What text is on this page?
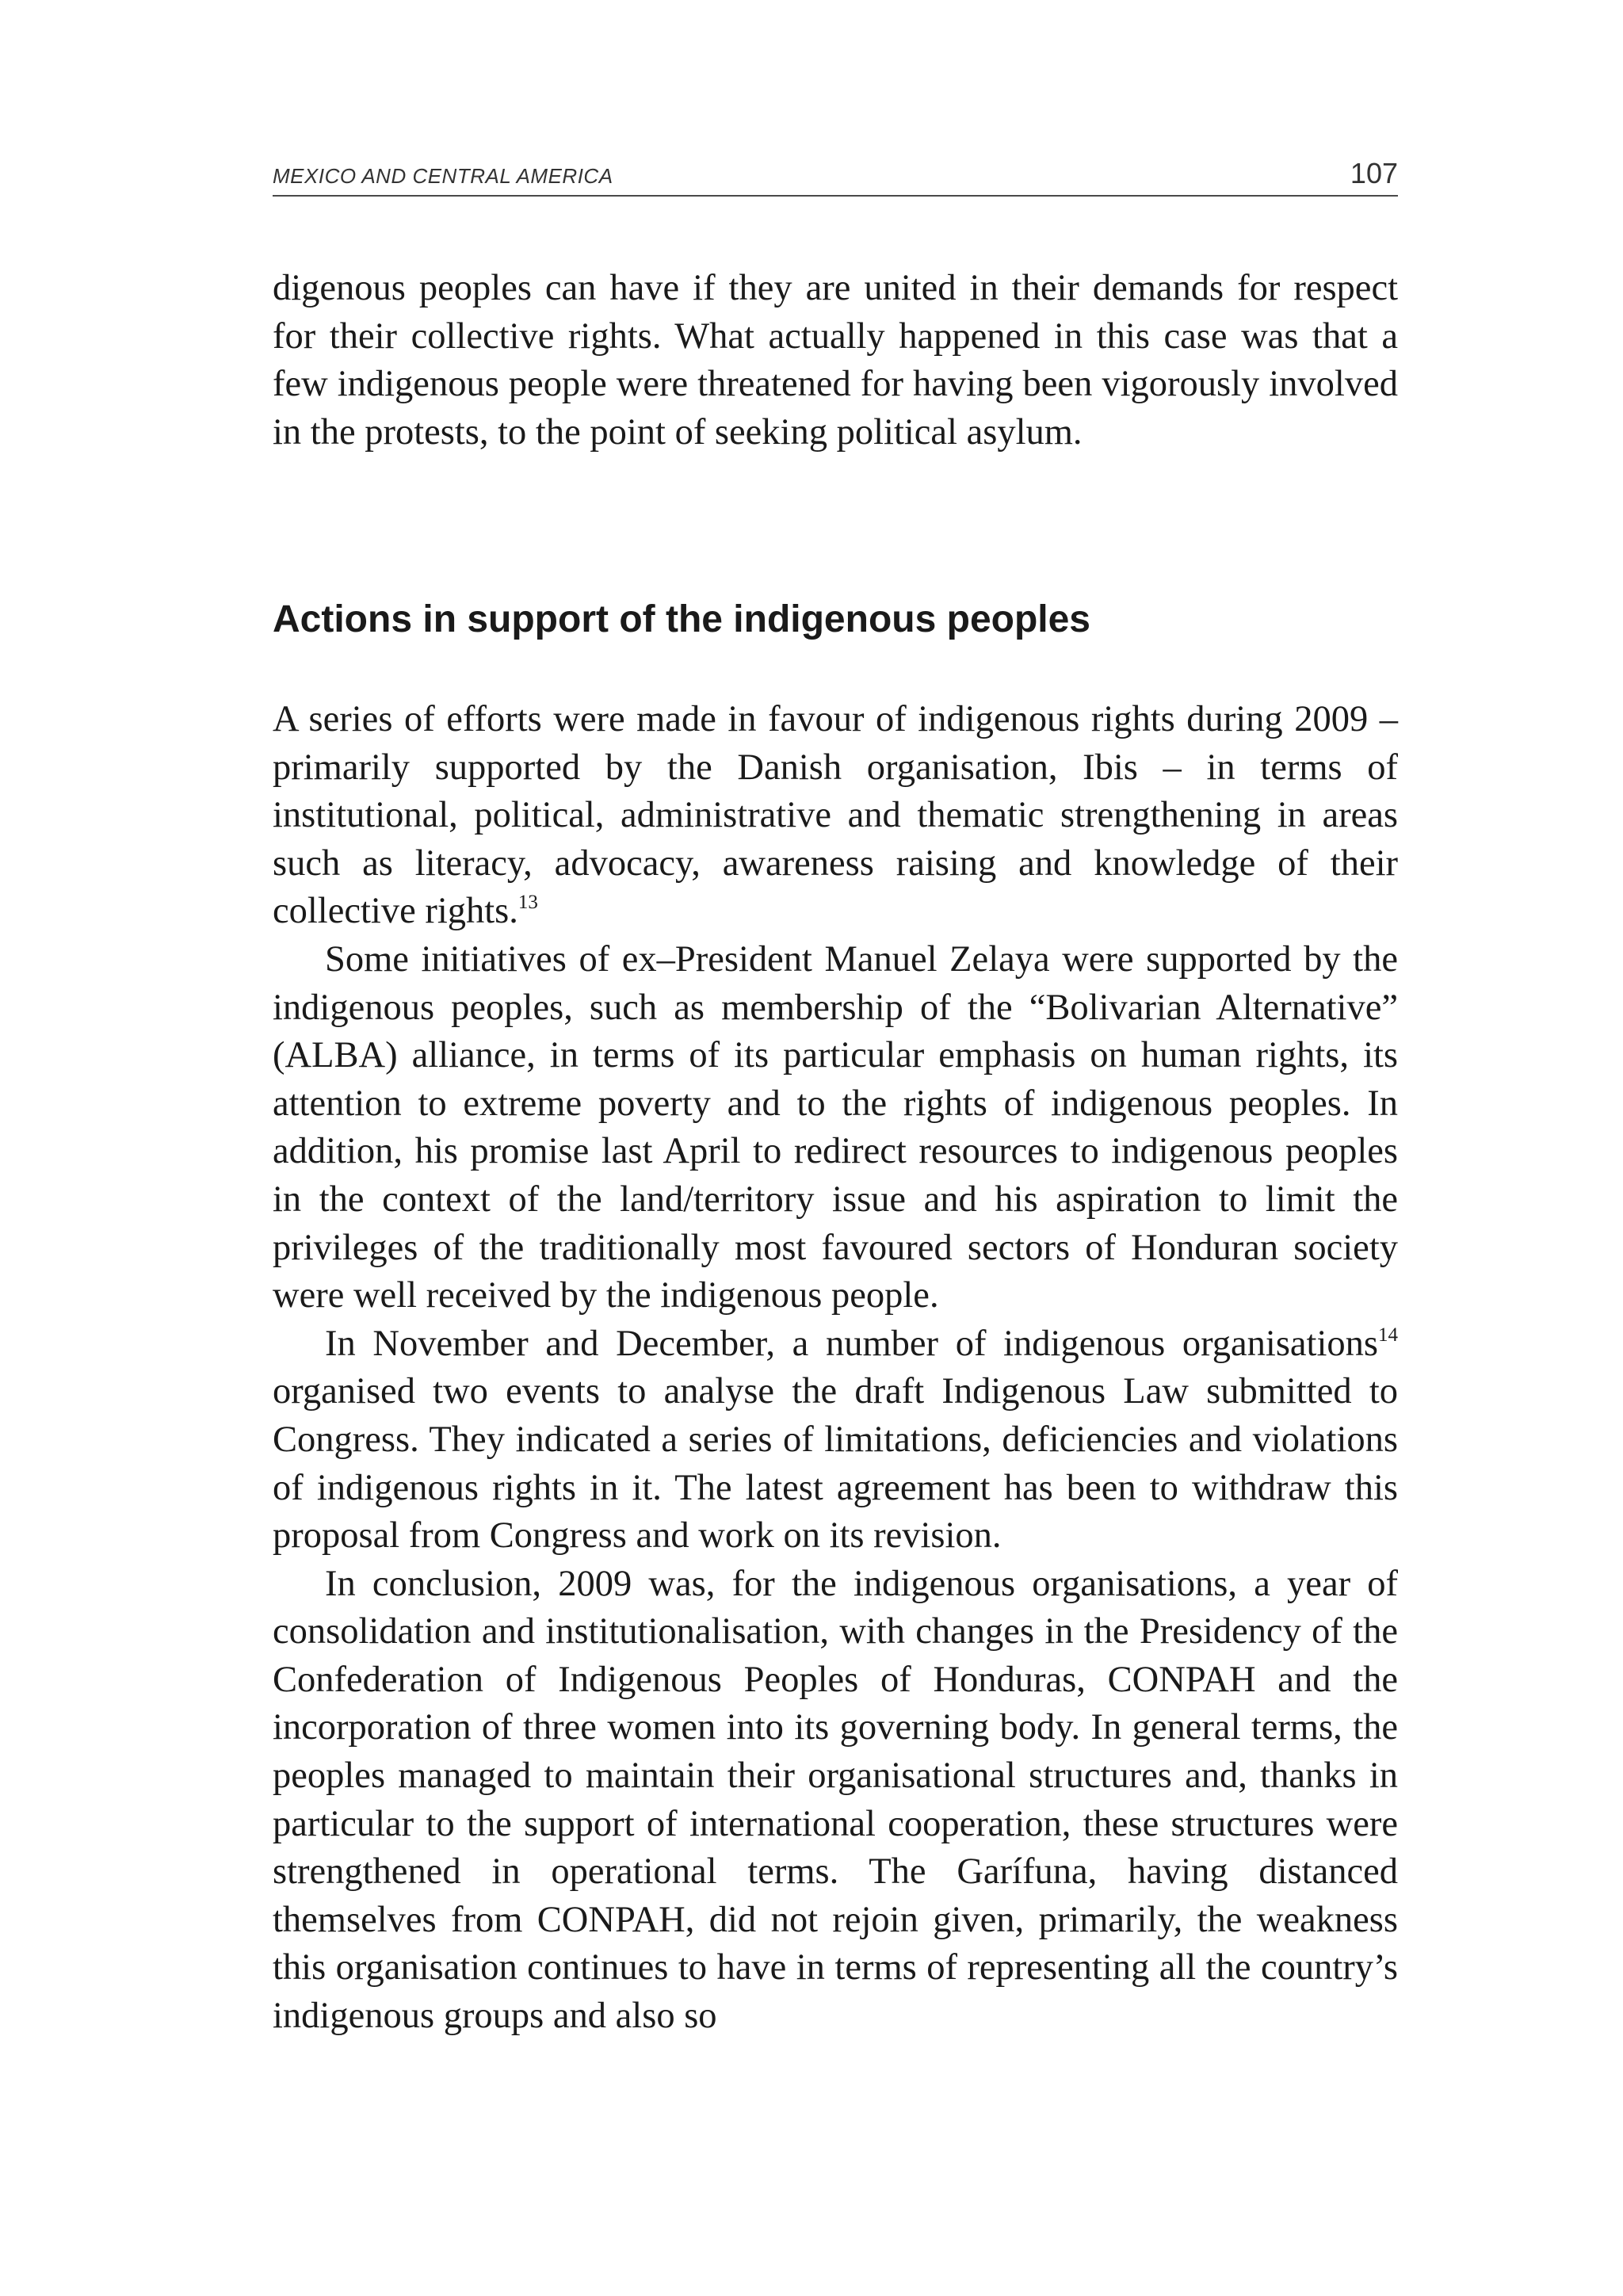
MEXICO AND CENTRAL AMERICA	107

digenous peoples can have if they are united in their demands for respect for their collective rights. What actually happened in this case was that a few indigenous people were threatened for having been vigorously involved in the protests, to the point of seeking political asylum.

Actions in support of the indigenous peoples

A series of efforts were made in favour of indigenous rights during 2009 – primarily supported by the Danish organisation, Ibis – in terms of institutional, political, administrative and thematic strengthening in areas such as literacy, advocacy, awareness raising and knowledge of their collective rights.$^{13}$

Some initiatives of ex–President Manuel Zelaya were supported by the indigenous peoples, such as membership of the “Bolivarian Alternative” (ALBA) alliance, in terms of its particular emphasis on human rights, its attention to extreme poverty and to the rights of indigenous peoples. In addition, his promise last April to redirect resources to indigenous peoples in the context of the land/territory issue and his aspiration to limit the privileges of the traditionally most favoured sectors of Honduran society were well received by the indigenous people.

In November and December, a number of indigenous organisations$^{14}$ organised two events to analyse the draft Indigenous Law submitted to Congress. They indicated a series of limitations, deficiencies and violations of indigenous rights in it. The latest agreement has been to withdraw this proposal from Congress and work on its revision.

In conclusion, 2009 was, for the indigenous organisations, a year of consolidation and institutionalisation, with changes in the Presidency of the Confederation of Indigenous Peoples of Honduras, CONPAH and the incorporation of three women into its governing body. In general terms, the peoples managed to maintain their organisational structures and, thanks in particular to the support of international cooperation, these structures were strengthened in operational terms. The Garífuna, having distanced themselves from CONPAH, did not rejoin given, primarily, the weakness this organisation continues to have in terms of representing all the country’s indigenous groups and also so
